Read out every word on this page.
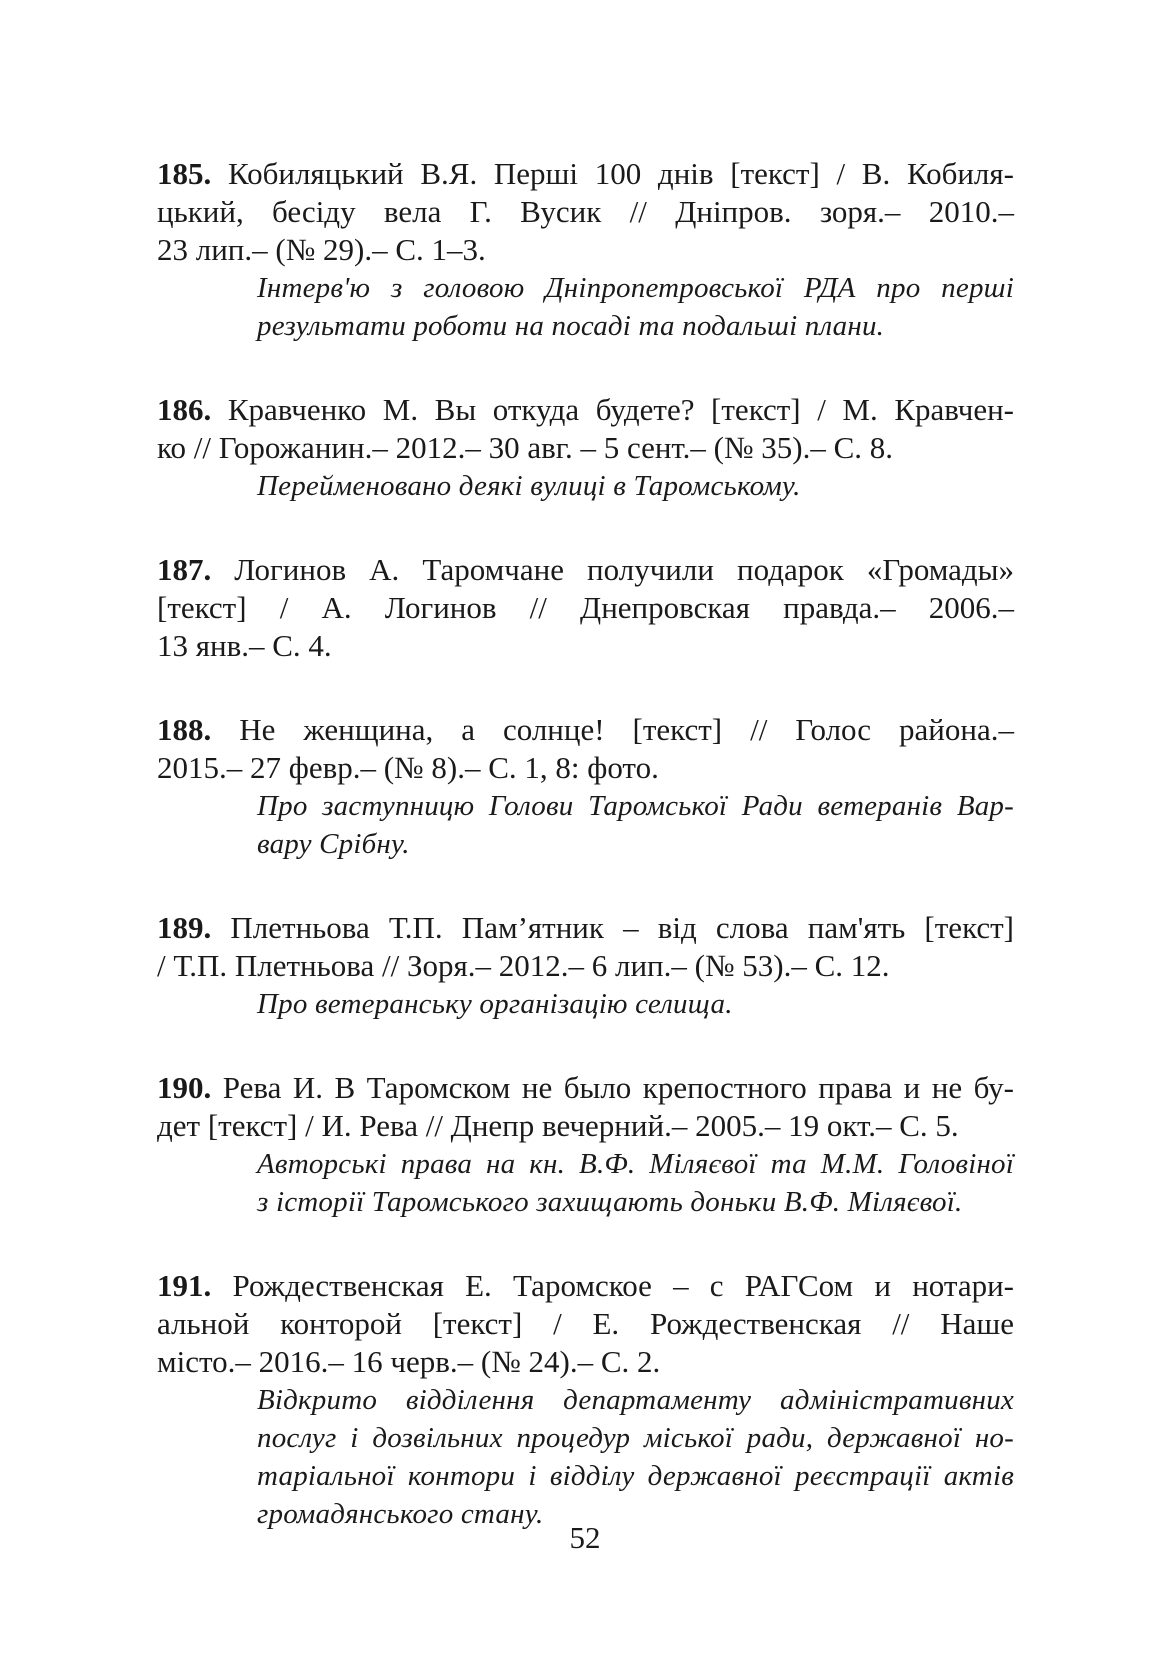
185. Кобиляцький В.Я. Перші 100 днів [текст] / В. Кобиля-
цький, бесіду вела Г. Вусик // Дніпров. зоря.– 2010.–
23 лип.– (№ 29).– С. 1–3.
Інтерв'ю з головою Дніпропетровської РДА про перші
результати роботи на посаді та подальші плани.
186. Кравченко М. Вы откуда будете? [текст] / М. Кравчен-
ко // Горожанин.– 2012.– 30 авг. – 5 сент.– (№ 35).– С. 8.
Перейменовано деякі вулиці в Таромському.
187. Логинов А. Таромчане получили подарок «Громады»
[текст] / А. Логинов // Днепровская правда.– 2006.–
13 янв.– С. 4.
188. Не женщина, а солнце! [текст] // Голос района.–
2015.– 27 февр.– (№ 8).– С. 1, 8: фото.
Про заступницю Голови Таромської Ради ветеранів Вар-
вару Срібну.
189. Плетньова Т.П. Пам’ятник – від слова пам'ять [текст]
/ Т.П. Плетньова // Зоря.– 2012.– 6 лип.– (№ 53).– С. 12.
Про ветеранську організацію селища.
190. Рева И. В Таромском не было крепостного права и не бу-
дет [текст] / И. Рева // Днепр вечерний.– 2005.– 19 окт.– С. 5.
Авторські права на кн. В.Ф. Міляєвої та М.М. Головіної
з історії Таромського захищають доньки В.Ф. Міляєвої.
191. Рождественская Е. Таромское – с РАГСом и нотари-
альной конторой [текст] / Е. Рождественская // Наше
місто.– 2016.– 16 черв.– (№ 24).– С. 2.
Відкрито відділення департаменту адміністративних
послуг і дозвільних процедур міської ради, державної но-
таріальної контори і відділу державної реєстрації актів
громадянського стану.
52
